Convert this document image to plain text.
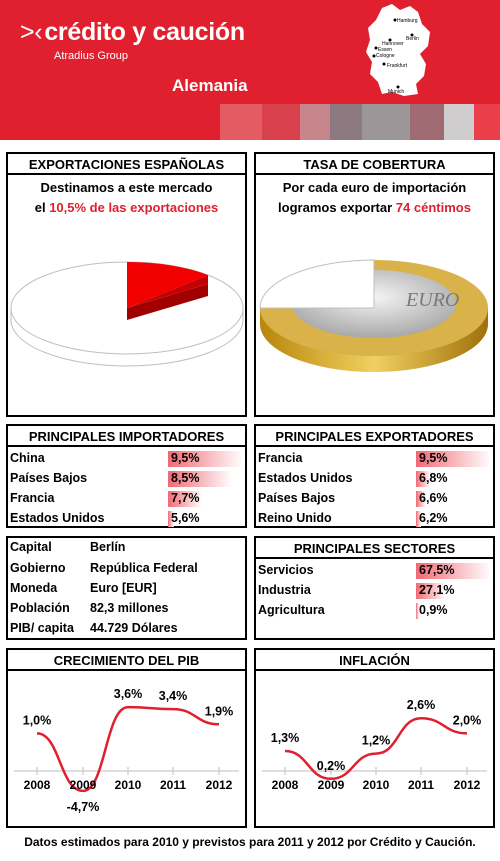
>‹crédito y caución
Atradius Group
Alemania
Hamburg
Berlin
Hannover
Essen
Cologne
Frankfurt
Munich
EXPORTACIONES ESPAÑOLAS
Destinamos a este mercado
el 10,5% de las exportaciones
TASA DE COBERTURA
Por cada euro de importación
logramos exportar 74 céntimos
EURO
PRINCIPALES IMPORTADORES
China	9,5%
Países Bajos	8,5%
Francia	7,7%
Estados Unidos	5,6%
PRINCIPALES EXPORTADORES
Francia	9,5%
Estados Unidos	6,8%
Países Bajos	6,6%
Reino Unido	6,2%
Capital	Berlín
Gobierno República Federal
Moneda	Euro [EUR]
Población 82,3 millones
PIB/ capita 44.729 Dólares
PRINCIPALES SECTORES
Servicios	67,5%
Industria	27,1%
Agricultura	0,9%
CRECIMIENTO DEL PIB
2008 2009 2010 2011 2012
1,0%
-4,7%
3,6% 3,4%
1,9%
INFLACIÓN
2008 2009 2010 2011 2012
1,3%
0,2%
1,2%
2,6%
2,0%
Datos estimados para 2010 y previstos para 2011 y 2012 por Crédito y Caución.
